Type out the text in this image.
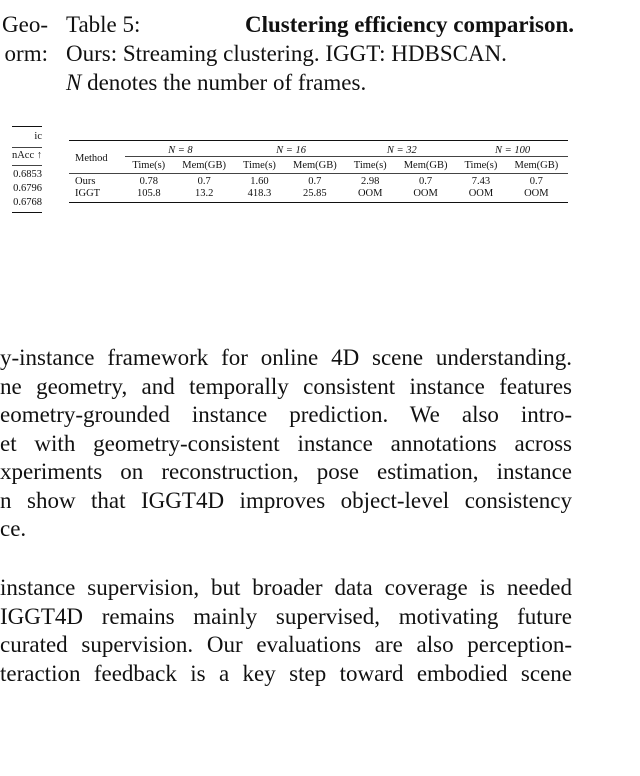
Geo-
orm:
Table 5:	Clustering efficiency comparison.
Ours: Streaming clustering. IGGT: HDBSCAN.
N denotes the number of frames.
ic
nAcc ↑
0.6853
0.6796
0.6768
Method	N = 8		N = 16		N = 32		N = 100	
	Time(s)	Mem(GB)	Time(s)	Mem(GB)	Time(s)	Mem(GB)	Time(s)	Mem(GB)
Ours	0.78	0.7	1.60	0.7	2.98	0.7	7.43	0.7
IGGT	105.8	13.2	418.3	25.85	OOM	OOM	OOM	OOM
y-instance framework for online 4D scene understanding.
ne geometry, and temporally consistent instance features
eometry-grounded instance prediction. We also intro-
et with geometry-consistent instance annotations across
xperiments on reconstruction, pose estimation, instance
n show that IGGT4D improves object-level consistency
ce.
instance supervision, but broader data coverage is needed
IGGT4D remains mainly supervised, motivating future
curated supervision. Our evaluations are also perception-
teraction feedback is a key step toward embodied scene
